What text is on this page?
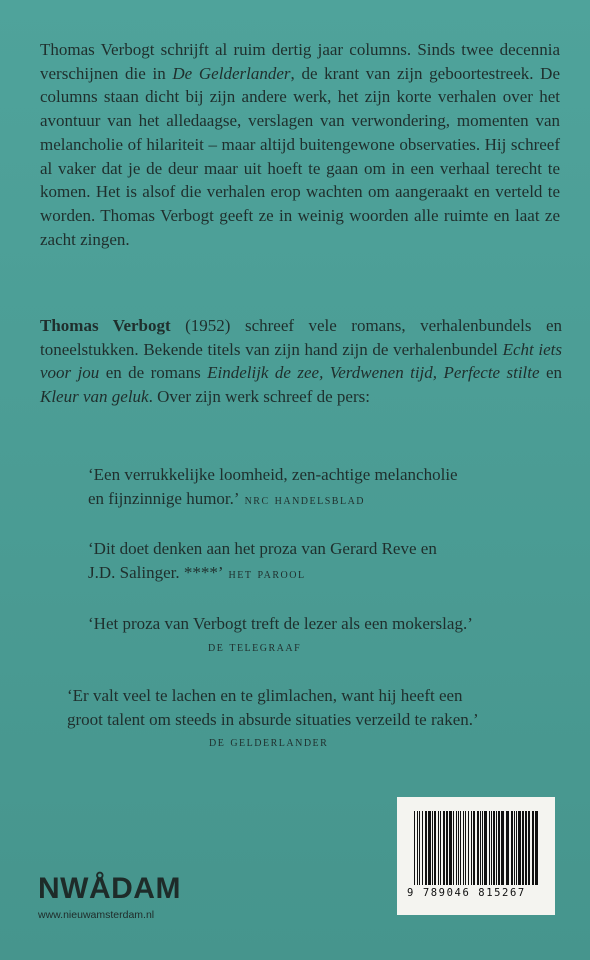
Thomas Verbogt schrijft al ruim dertig jaar columns. Sinds twee decennia verschijnen die in De Gelderlander, de krant van zijn geboortestreek. De columns staan dicht bij zijn andere werk, het zijn korte verhalen over het avontuur van het alledaagse, verslagen van verwondering, momenten van melancholie of hilariteit – maar altijd buitengewone observaties. Hij schreef al vaker dat je de deur maar uit hoeft te gaan om in een verhaal terecht te komen. Het is alsof die verhalen erop wachten om aangeraakt en verteld te worden. Thomas Verbogt geeft ze in weinig woorden alle ruimte en laat ze zacht zingen.

Thomas Verbogt (1952) schreef vele romans, verhalenbundels en toneelstukken. Bekende titels van zijn hand zijn de verhalenbundel Echt iets voor jou en de romans Eindelijk de zee, Verdwenen tijd, Perfecte stilte en Kleur van geluk. Over zijn werk schreef de pers:

‘Een verrukkelijke loomheid, zen-achtige melancholie
en fijnzinnige humor.’ nrc handelsblad
‘Dit doet denken aan het proza van Gerard Reve en
J.D. Salinger. ****’ het parool
‘Het proza van Verbogt treft de lezer als een mokerslag.’
de telegraaf
‘Er valt veel te lachen en te glimlachen, want hij heeft een
groot talent om steeds in absurde situaties verzeild te raken.’
de gelderlander
NWÅDAM
www.nieuwamsterdam.nl
9 789046 815267
